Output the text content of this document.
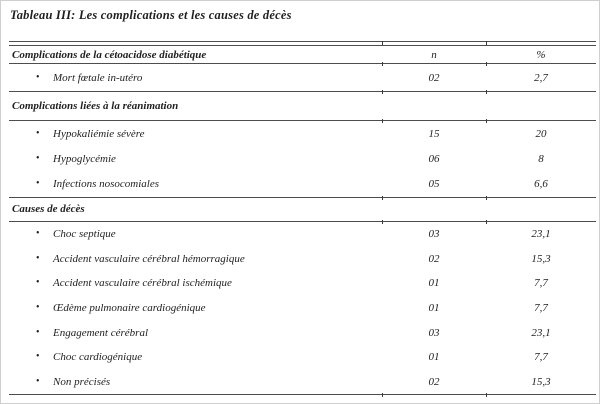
Tableau III: Les complications et les causes de décès
Complications de la cétoacidose diabétique	n	%
• Mort fœtale in-utéro	02	2,7
Complications liées à la réanimation
• Hypokaliémie sévère	15	20
• Hypoglycémie	06	8
• Infections nosocomiales	05	6,6
Causes de décès
• Choc septique	03	23,1
• Accident vasculaire cérébral hémorragique	02	15,3
• Accident vasculaire cérébral ischémique	01	7,7
• Œdème pulmonaire cardiogénique	01	7,7
• Engagement cérébral	03	23,1
• Choc cardiogénique	01	7,7
• Non précisés	02	15,3
